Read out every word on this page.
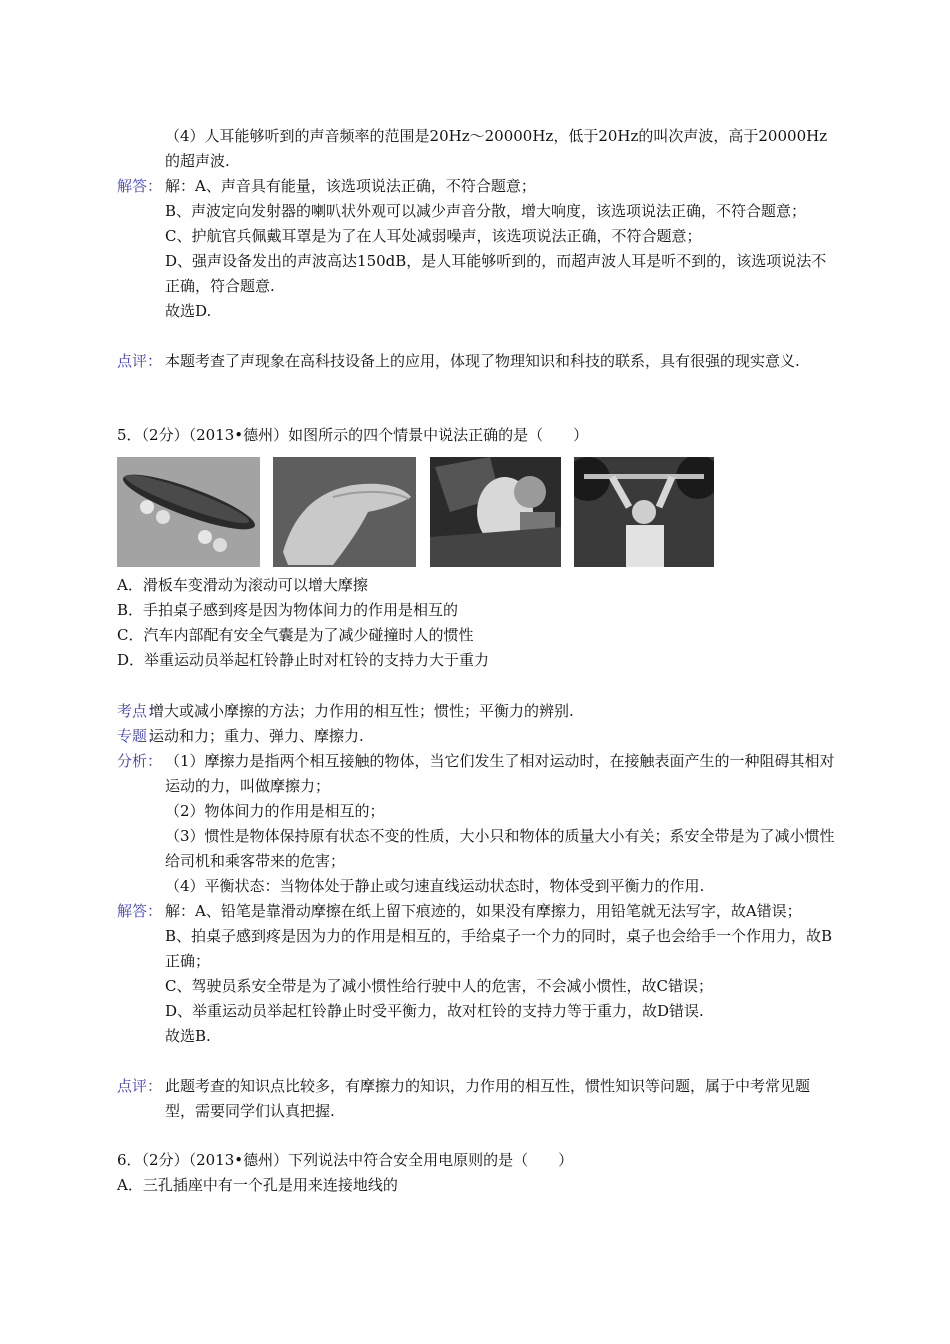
（4）人耳能够听到的声音频率的范围是20Hz～20000Hz，低于20Hz的叫次声波，高于20000Hz的超声波.

解答： 解：A、声音具有能量，该选项说法正确，不符合题意；

B、声波定向发射器的喇叭状外观可以减少声音分散，增大响度，该选项说法正确，不符合题意；

C、护航官兵佩戴耳罩是为了在人耳处减弱噪声，该选项说法正确，不符合题意；

D、强声设备发出的声波高达150dB，是人耳能够听到的，而超声波人耳是听不到的，该选项说法不正确，符合题意.

故选D.

点评： 本题考查了声现象在高科技设备上的应用，体现了物理知识和科技的联系，具有很强的现实意义.

5．（2分）（2013•德州）如图所示的四个情景中说法正确的是（　　）

A．滑板车变滑动为滚动可以增大摩擦

B．手拍桌子感到疼是因为物体间力的作用是相互的

C．汽车内部配有安全气囊是为了减少碰撞时人的惯性

D．举重运动员举起杠铃静止时对杠铃的支持力大于重力

考点：

增大或减小摩擦的方法；力作用的相互性；惯性；平衡力的辨别.

专题：

运动和力；重力、弹力、摩擦力.

分析： （1）摩擦力是指两个相互接触的物体，当它们发生了相对运动时，在接触表面产生的一种阻碍其相对运动的力，叫做摩擦力；

（2）物体间力的作用是相互的；

（3）惯性是物体保持原有状态不变的性质，大小只和物体的质量大小有关；系安全带是为了减小惯性给司机和乘客带来的危害；

（4）平衡状态：当物体处于静止或匀速直线运动状态时，物体受到平衡力的作用.

解答： 解：A、铅笔是靠滑动摩擦在纸上留下痕迹的，如果没有摩擦力，用铅笔就无法写字，故A错误；

B、拍桌子感到疼是因为力的作用是相互的，手给桌子一个力的同时，桌子也会给手一个作用力，故B正确；

C、驾驶员系安全带是为了减小惯性给行驶中人的危害，不会减小惯性，故C错误；

D、举重运动员举起杠铃静止时受平衡力，故对杠铃的支持力等于重力，故D错误.

故选B.

点评： 此题考查的知识点比较多，有摩擦力的知识，力作用的相互性，惯性知识等问题，属于中考常见题型，需要同学们认真把握.

6．（2分）（2013•德州）下列说法中符合安全用电原则的是（　　）

A．三孔插座中有一个孔是用来连接地线的
